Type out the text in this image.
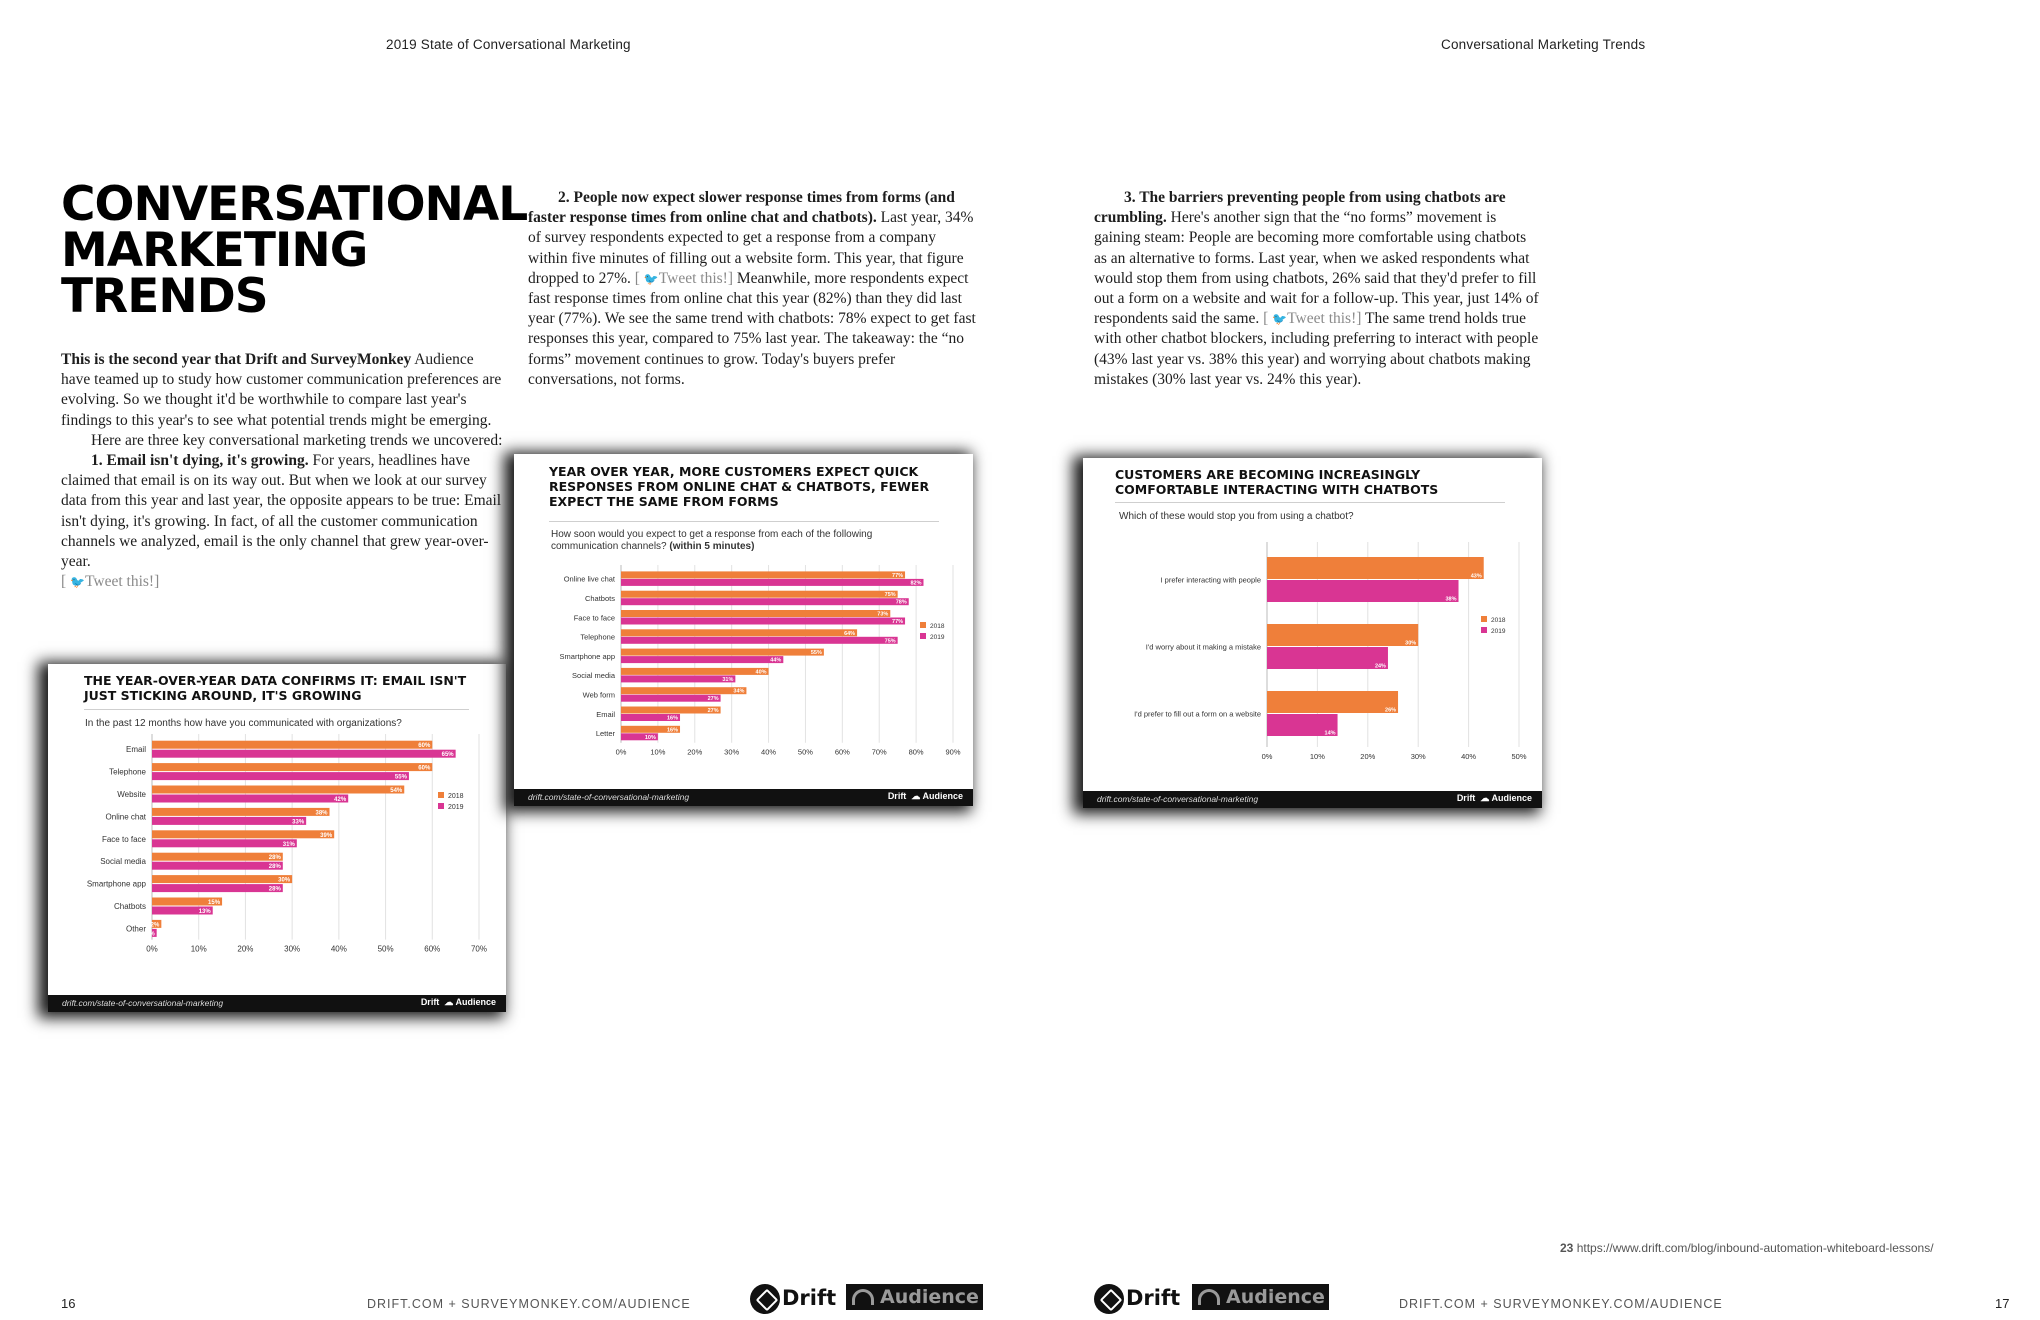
2019 State of Conversational Marketing	Conversational Marketing Trends
CONVERSATIONAL
MARKETING
TRENDS

This is the second year that Drift and SurveyMonkey Audience have teamed up to study how customer communication preferences are evolving. So we thought it'd be worthwhile to compare last year's findings to this year's to see what potential trends might be emerging.

Here are three key conversational marketing trends we uncovered:

1. Email isn't dying, it's growing. For years, headlines have claimed that email is on its way out. But when we look at our survey data from this year and last year, the opposite appears to be true: Email isn't dying, it's growing. In fact, of all the customer communication channels we analyzed, email is the only channel that grew year-over-year.

[ 🐦Tweet this!]

2. People now expect slower response times from forms (and faster response times from online chat and chatbots). Last year, 34% of survey respondents expected to get a response from a company within five minutes of filling out a website form. This year, that figure dropped to 27%. [ 🐦Tweet this!] Meanwhile, more respondents expect fast response times from online chat this year (82%) than they did last year (77%). We see the same trend with chatbots: 78% expect to get fast responses this year, compared to 75% last year. The takeaway: the “no forms” movement continues to grow. Today's buyers prefer conversations, not forms.

3. The barriers preventing people from using chatbots are crumbling. Here's another sign that the “no forms” movement is gaining steam: People are becoming more comfortable using chatbots as an alternative to forms. Last year, when we asked respondents what would stop them from using chatbots, 26% said that they'd prefer to fill out a form on a website and wait for a follow-up. This year, just 14% of respondents said the same. [ 🐦Tweet this!] The same trend holds true with other chatbot blockers, including preferring to interact with people (43% last year vs. 38% this year) and worrying about chatbots making mistakes (30% last year vs. 24% this year).

THE YEAR-OVER-YEAR DATA CONFIRMS IT: EMAIL ISN'T JUST STICKING AROUND, IT'S GROWING
In the past 12 months how have you communicated with organizations?
0%	10%	20%	30%	40%	50%	60%	70%
Email	60%
65%
Telephone	60%
55%
Website	54%
42%
Online chat	38%
33%
Face to face	39%
31%
Social media	28%
28%
Smartphone app	30%
28%
Chatbots	15%
13%
Other 2%
1%
2018
2019
drift.com/state-of-conversational-marketing	Drift  ☁ Audience
YEAR OVER YEAR, MORE CUSTOMERS EXPECT QUICK RESPONSES FROM ONLINE CHAT & CHATBOTS, FEWER EXPECT THE SAME FROM FORMS
How soon would you expect to get a response from each of the following communication channels? (within 5 minutes)
0%	10%	20%	30%	40%	50%	60%	70%	80%	90%
Online live chat	77%
82%
Chatbots	75%
78%
Face to face	73%
77%
Telephone	64%
75%
Smartphone app	55%
44%
Social media	40%
31%
Web form	34%
27%
Email	27%
16%
Letter	16%
10%
2018
2019
drift.com/state-of-conversational-marketing	Drift  ☁ Audience
CUSTOMERS ARE BECOMING INCREASINGLY COMFORTABLE INTERACTING WITH CHATBOTS
Which of these would stop you from using a chatbot?
0%	10%	20%	30%	40%	50%
I prefer interacting with people	43%
38%
I'd worry about it making a mistake	30%
24%
I'd prefer to fill out a form on a website	26%
14%
2018
2019
drift.com/state-of-conversational-marketing	Drift  ☁ Audience
23 https://www.drift.com/blog/inbound-automation-whiteboard-lessons/
16	DRIFT.COM + SURVEYMONKEY.COM/AUDIENCE	Drift	Audience	Drift	Audience	DRIFT.COM + SURVEYMONKEY.COM/AUDIENCE	17
